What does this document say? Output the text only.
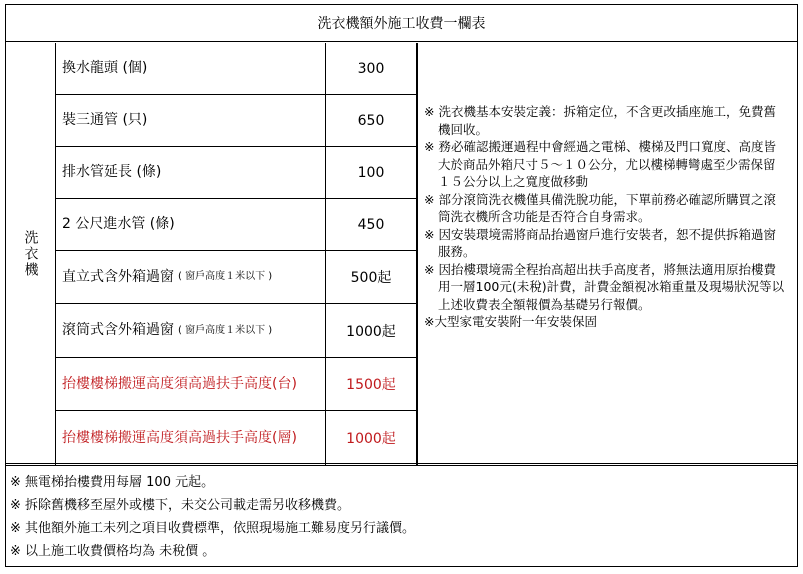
洗衣機額外施工收費一欄表
洗衣機
換水龍頭 (個)	300
裝三通管 (只)	650
排水管延長 (條)	100
2 公尺進水管 (條)	450
直立式含外箱過窗 ( 窗戶高度１米以下 )	500起
滾筒式含外箱過窗 ( 窗戶高度１米以下 )	1000起
抬樓樓梯搬運高度須高過扶手高度(台)	1500起
抬樓樓梯搬運高度須高過扶手高度(層)	1000起

※ 洗衣機基本安裝定義：拆箱定位，不含更改插座施工，免費舊機回收。

※ 務必確認搬運過程中會經過之電梯、樓梯及門口寬度、高度皆大於商品外箱尺寸５～１０公分，尤以樓梯轉彎處至少需保留１５公分以上之寬度做移動

※ 部分滾筒洗衣機僅具備洗脫功能，下單前務必確認所購買之滾筒洗衣機所含功能是否符合自身需求。

※ 因安裝環境需將商品抬過窗戶進行安裝者，恕不提供拆箱過窗服務。

※ 因抬樓環境需全程抬高超出扶手高度者，將無法適用原抬樓費用一層100元(未稅)計費，計費金額視冰箱重量及現場狀況等以上述收費表全額報價為基礎另行報價。

※大型家電安裝附一年安裝保固

※ 無電梯抬樓費用每層 100 元起。
※ 拆除舊機移至屋外或樓下，未交公司載走需另收移機費。
※ 其他額外施工未列之項目收費標準，依照現場施工難易度另行議價。
※ 以上施工收費價格均為 未稅價 。
